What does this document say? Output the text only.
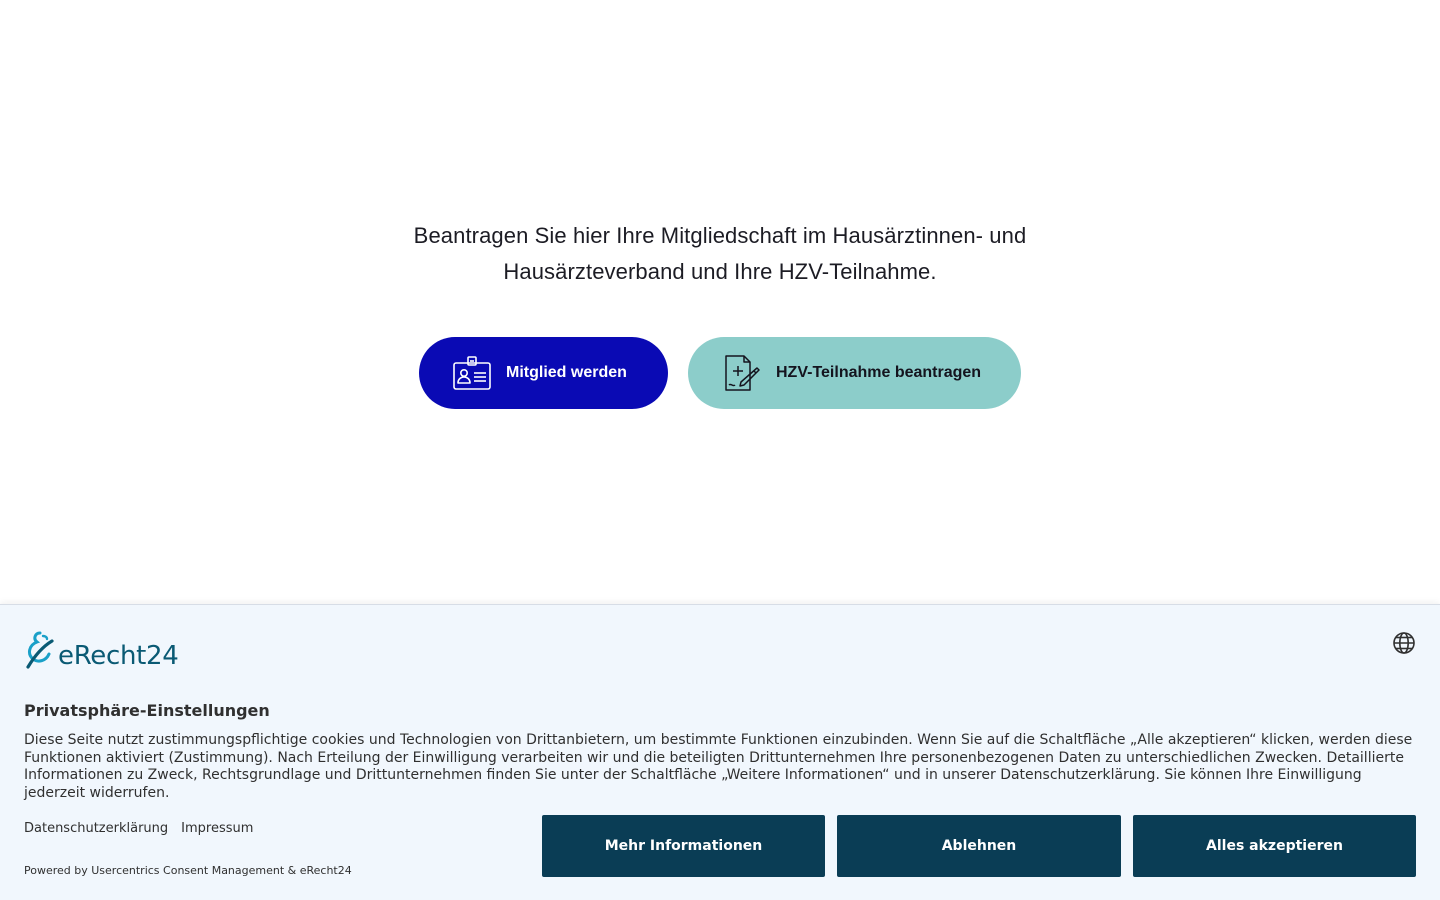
Beantragen Sie hier Ihre Mitgliedschaft im Hausärztinnen- und
Hausärzteverband und Ihre HZV-Teilnahme.
Mitglied werden	HZV-Teilnahme beantragen
eRecht24
Privatsphäre-Einstellungen
Diese Seite nutzt zustimmungspflichtige cookies und Technologien von Drittanbietern, um bestimmte Funktionen einzubinden. Wenn Sie auf die Schaltfläche „Alle akzeptieren“ klicken, werden diese Funktionen aktiviert (Zustimmung). Nach Erteilung der Einwilligung verarbeiten wir und die beteiligten Drittunternehmen Ihre personenbezogenen Daten zu unterschiedlichen Zwecken. Detaillierte Informationen zu Zweck, Rechtsgrundlage und Drittunternehmen finden Sie unter der Schaltfläche „Weitere Informationen“ und in unserer Datenschutzerklärung. Sie können Ihre Einwilligung jederzeit widerrufen.
Datenschutzerklärung Impressum
Powered by Usercentrics Consent Management & eRecht24
Mehr Informationen	Ablehnen	Alles akzeptieren
